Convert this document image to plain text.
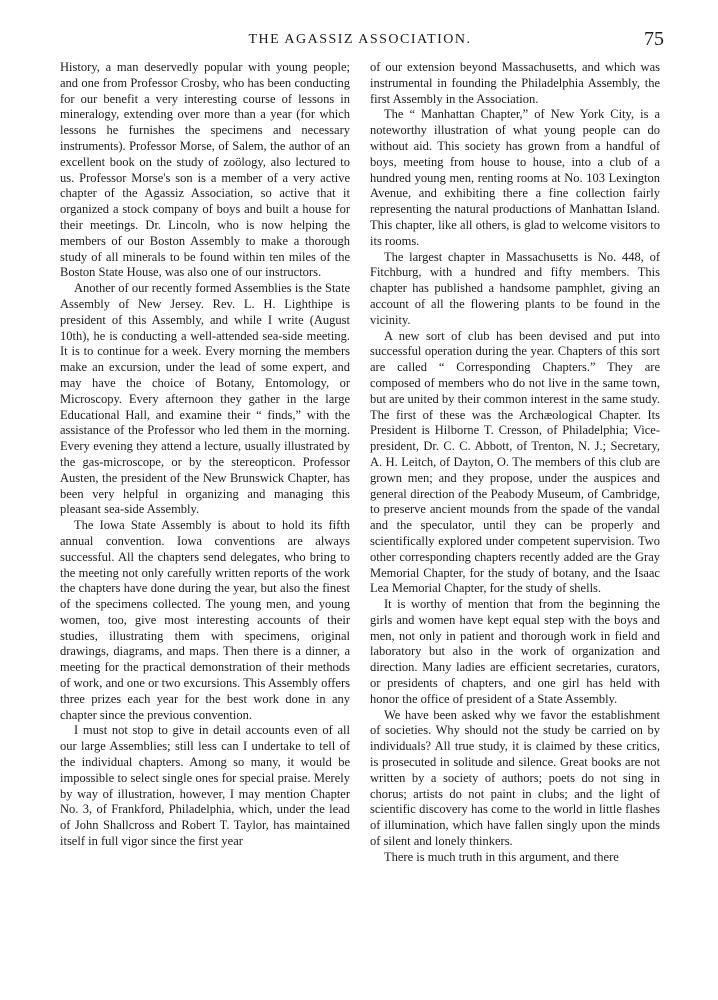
THE AGASSIZ ASSOCIATION.	75

History, a man deservedly popular with young people; and one from Professor Crosby, who has been conducting for our benefit a very interesting course of lessons in mineralogy, extending over more than a year (for which lessons he furnishes the specimens and necessary instruments). Professor Morse, of Salem, the author of an excellent book on the study of zoölogy, also lectured to us. Professor Morse's son is a member of a very active chapter of the Agassiz Association, so active that it organized a stock company of boys and built a house for their meetings. Dr. Lincoln, who is now helping the members of our Boston Assembly to make a thorough study of all minerals to be found within ten miles of the Boston State House, was also one of our instructors.

Another of our recently formed Assemblies is the State Assembly of New Jersey. Rev. L. H. Lighthipe is president of this Assembly, and while I write (August 10th), he is conducting a well-attended sea-side meeting. It is to continue for a week. Every morning the members make an excursion, under the lead of some expert, and may have the choice of Botany, Entomology, or Microscopy. Every afternoon they gather in the large Educational Hall, and examine their “ finds,” with the assistance of the Professor who led them in the morning. Every evening they attend a lecture, usually illustrated by the gas-microscope, or by the stereopticon. Professor Austen, the president of the New Brunswick Chapter, has been very helpful in organizing and managing this pleasant sea-side Assembly.

The Iowa State Assembly is about to hold its fifth annual convention. Iowa conventions are always successful. All the chapters send delegates, who bring to the meeting not only carefully written reports of the work the chapters have done during the year, but also the finest of the specimens collected. The young men, and young women, too, give most interesting accounts of their studies, illustrating them with specimens, original drawings, diagrams, and maps. Then there is a dinner, a meeting for the practical demonstration of their methods of work, and one or two excursions. This Assembly offers three prizes each year for the best work done in any chapter since the previous convention.

I must not stop to give in detail accounts even of all our large Assemblies; still less can I undertake to tell of the individual chapters. Among so many, it would be impossible to select single ones for special praise. Merely by way of illustration, however, I may mention Chapter No. 3, of Frankford, Philadelphia, which, under the lead of John Shallcross and Robert T. Taylor, has maintained itself in full vigor since the first year

of our extension beyond Massachusetts, and which was instrumental in founding the Philadelphia Assembly, the first Assembly in the Association.

The “ Manhattan Chapter,” of New York City, is a noteworthy illustration of what young people can do without aid. This society has grown from a handful of boys, meeting from house to house, into a club of a hundred young men, renting rooms at No. 103 Lexington Avenue, and exhibiting there a fine collection fairly representing the natural productions of Manhattan Island. This chapter, like all others, is glad to welcome visitors to its rooms.

The largest chapter in Massachusetts is No. 448, of Fitchburg, with a hundred and fifty members. This chapter has published a handsome pamphlet, giving an account of all the flowering plants to be found in the vicinity.

A new sort of club has been devised and put into successful operation during the year. Chapters of this sort are called “ Corresponding Chapters.” They are composed of members who do not live in the same town, but are united by their common interest in the same study. The first of these was the Archæological Chapter. Its President is Hilborne T. Cresson, of Philadelphia; Vice-president, Dr. C. C. Abbott, of Trenton, N. J.; Secretary, A. H. Leitch, of Dayton, O. The members of this club are grown men; and they propose, under the auspices and general direction of the Peabody Museum, of Cambridge, to preserve ancient mounds from the spade of the vandal and the speculator, until they can be properly and scientifically explored under competent supervision. Two other corresponding chapters recently added are the Gray Memorial Chapter, for the study of botany, and the Isaac Lea Memorial Chapter, for the study of shells.

It is worthy of mention that from the beginning the girls and women have kept equal step with the boys and men, not only in patient and thorough work in field and laboratory but also in the work of organization and direction. Many ladies are efficient secretaries, curators, or presidents of chapters, and one girl has held with honor the office of president of a State Assembly.

We have been asked why we favor the establishment of societies. Why should not the study be carried on by individuals? All true study, it is claimed by these critics, is prosecuted in solitude and silence. Great books are not written by a society of authors; poets do not sing in chorus; artists do not paint in clubs; and the light of scientific discovery has come to the world in little flashes of illumination, which have fallen singly upon the minds of silent and lonely thinkers.

There is much truth in this argument, and there
